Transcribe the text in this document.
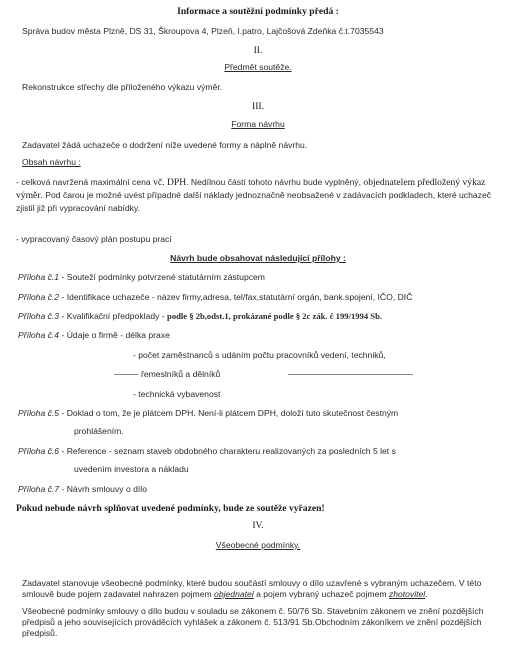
Informace a soutěžní podmínky předá :

Správa budov města Plzně, DS 31, Škroupova 4, Plzeň, I.patro, Lajčošová Zdeňka č.t.7035543

II.

Předmět soutěže.

Rekonstrukce střechy dle přiloženého výkazu výměr.

III.

Forma návrhu

Zadavatel žádá uchazeče o dodržení níže uvedené formy a náplně návrhu.

Obsah návrhu :

- celková navržená maximální cena vč. DPH. Nedílnou částí tohoto návrhu bude vyplněný, objednatelem předložený výkaz výměr. Pod čarou je možné uvést případné další náklady jednoznačně neobsažené v zadávacích podkladech, které uchazeč zjistil již při vypracování nabídky.

- vypracovaný časový plán postupu prací

Návrh bude obsahovat následující přílohy :

Příloha č.1 - Souteží podmínky potvrzené statutárním zástupcem

Příloha č.2 - Identifikace uchazeče - název firmy,adresa, tel/fax,statutární orgán, bank.spojení, IČO, DIČ

Příloha č.3 - Kvalifikační předpoklady - podle § 2b,odst.1, prokázané podle § 2c zák. č 199/1994 Sb.

Příloha č.4 - Údaje o firmě - délka praxe

- počet zaměstnanců s udáním počtu pracovníků vedení, techniků,

řemeslníků a dělníků

- technická vybavenost

Příloha č.5 - Doklad o tom, že je plátcem DPH. Není-li plátcem DPH, doloží tuto skutečnost čestným

prohlášením.

Příloha č.6 - Reference - seznam staveb obdobného charakteru realizovaných za posledních 5 let s

uvedením investora a nákladu

Příloha č.7 - Návrh smlouvy o dílo

Pokud nebude návrh splňovat uvedené podmínky, bude ze soutěže vyřazen!

IV.

Všeobecné podmínky.

Zadavatel stanovuje všeobecné podmínky, které budou součástí smlouvy o dílo uzavřené s vybraným uchazečem. V této smlouvě bude pojem zadavatel nahrazen pojmem objednatel a pojem vybraný uchazeč pojmem zhotovitel.

Všeobecné podmínky smlouvy o dílo budou v souladu se zákonem č. 50/76 Sb. Stavebním zákonem ve znění pozdějších předpisů a jeho souvisejících prováděcích vyhlášek a zákonem č. 513/91 Sb.Obchodním zákoníkem ve znění pozdějších předpisů.
